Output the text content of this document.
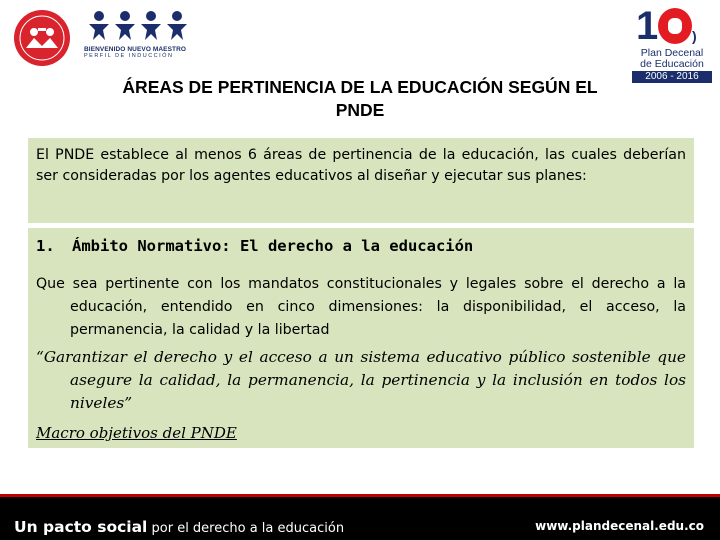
BIENVENIDO NUEVO MAESTRO
PERFIL DE INDUCCIÓN
1 )
Plan Decenal
de Educación
2006 - 2016
ÁREAS DE PERTINENCIA DE LA EDUCACIÓN SEGÚN EL
PNDE

El PNDE establece al menos 6 áreas de pertinencia de la educación, las cuales deberían ser consideradas por los agentes educativos al diseñar y ejecutar sus planes:

1. Ámbito Normativo: El derecho a la educación
Que sea pertinente con los mandatos constitucionales y legales sobre el derecho a la educación, entendido en cinco dimensiones: la disponibilidad, el acceso, la permanencia, la calidad y la libertad
“Garantizar el derecho y el acceso a un sistema educativo público sostenible que asegure la calidad, la permanencia, la pertinencia y la inclusión en todos los niveles”
Macro objetivos del PNDE
Un pacto social por el derecho a la educación	www.plandecenal.edu.co
